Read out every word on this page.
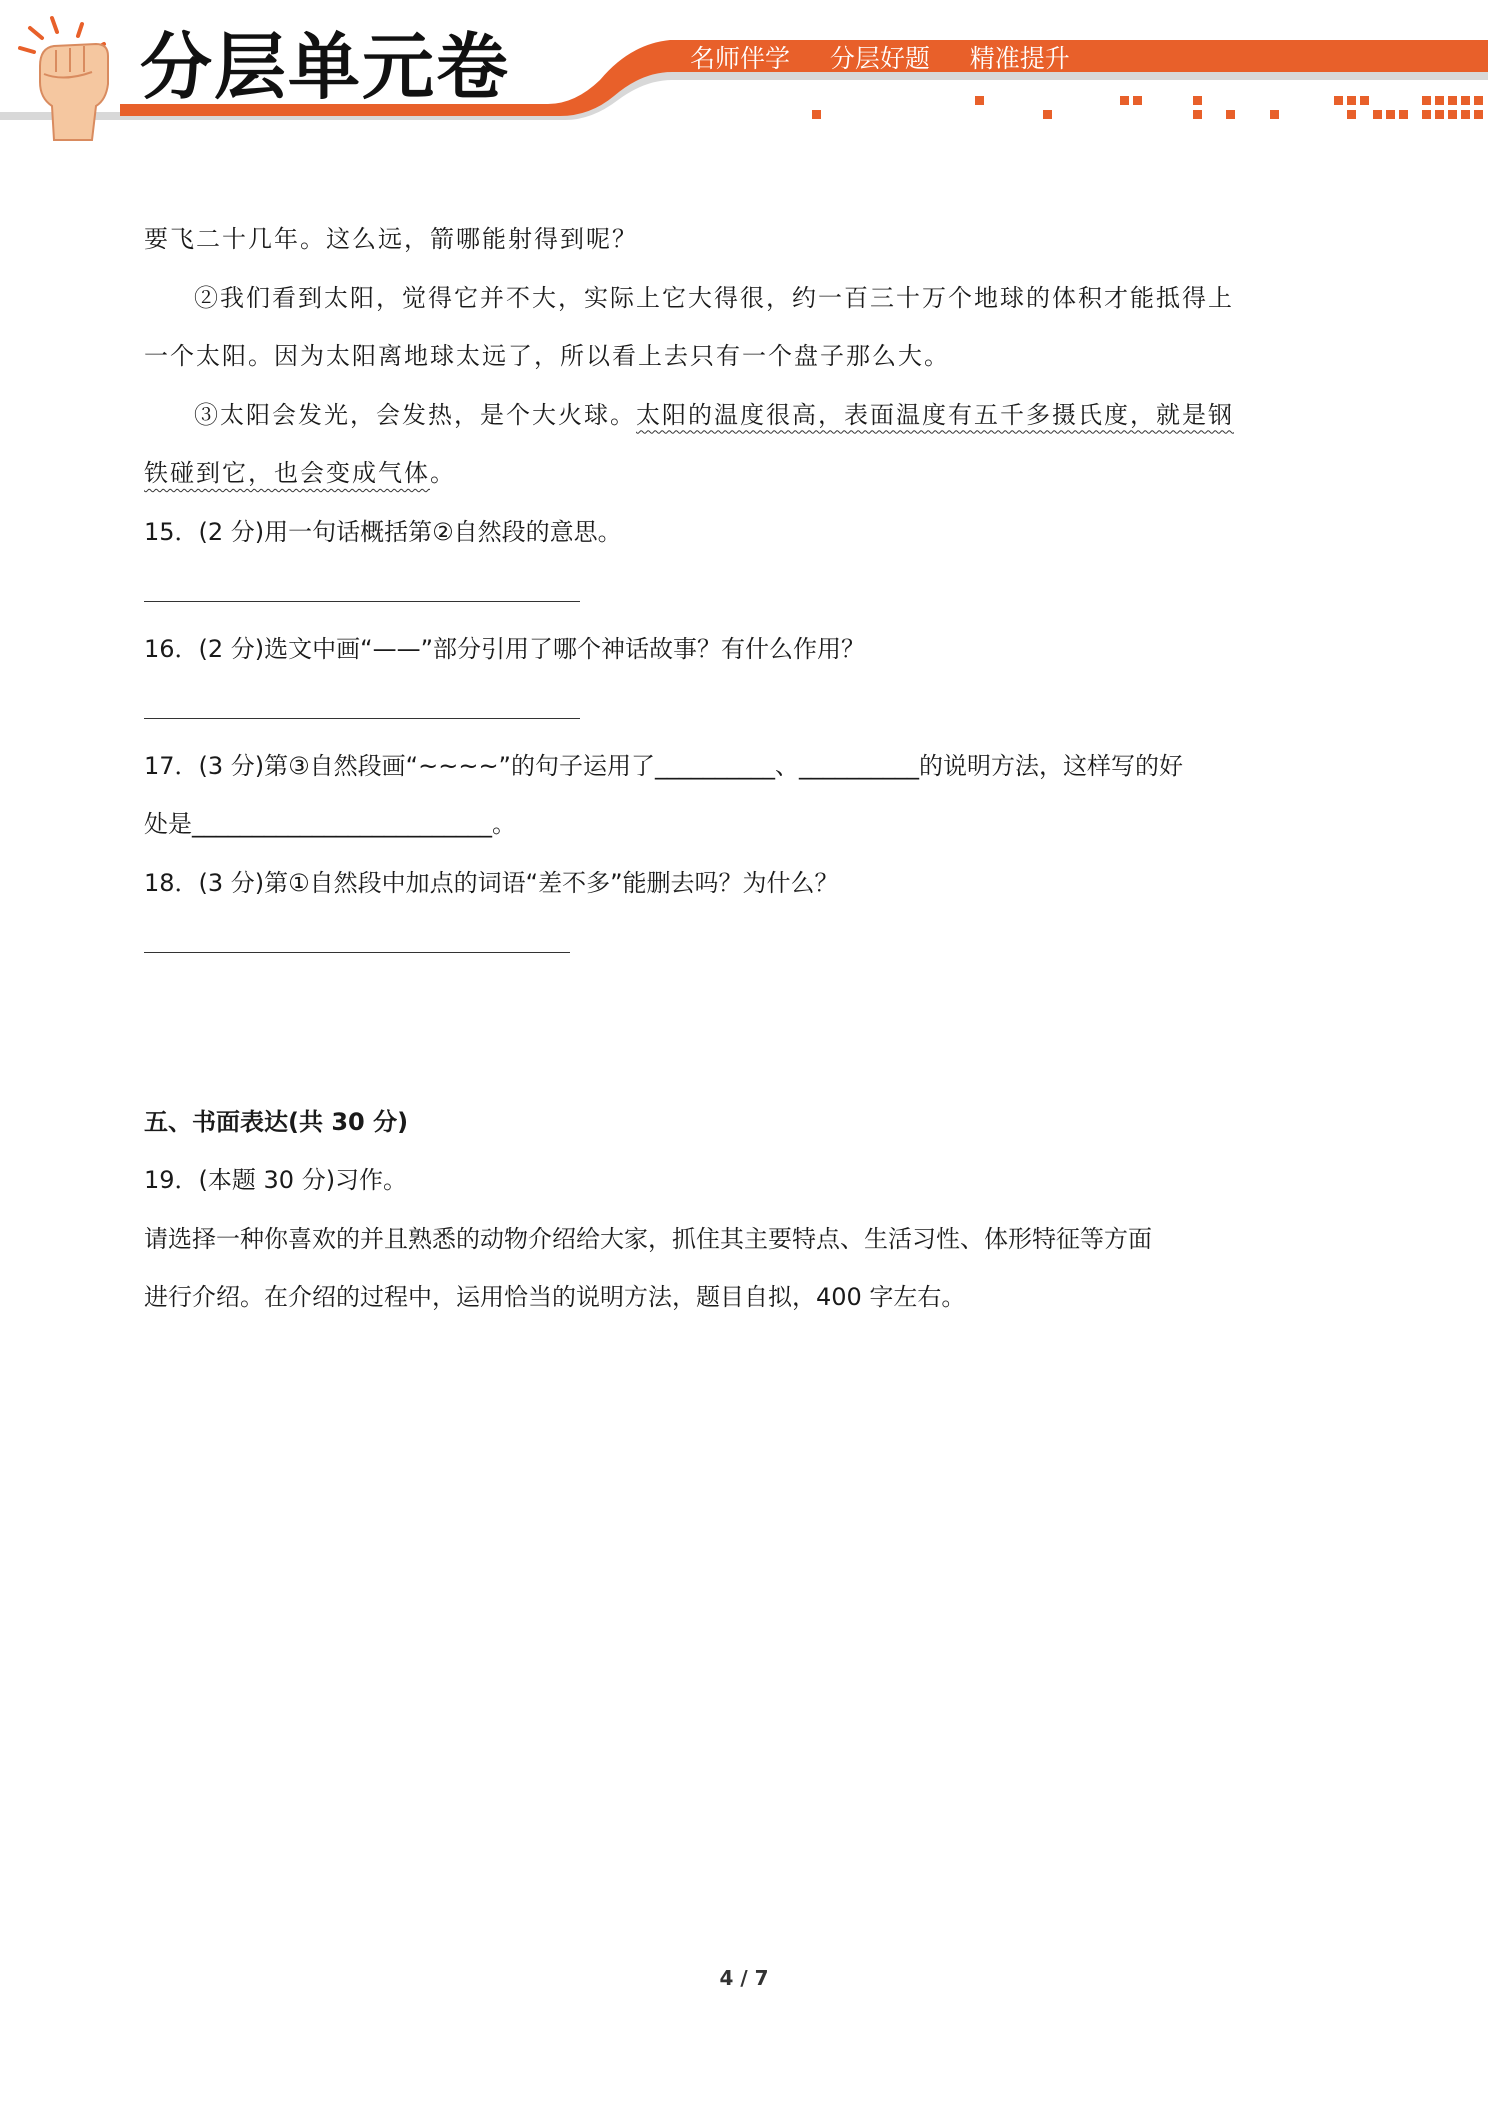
分层单元卷	名师伴学  分层好题  精准提升
要飞二十几年。这么远，箭哪能射得到呢？
②我们看到太阳，觉得它并不大，实际上它大得很，约一百三十万个地球的体积才能抵得上
一个太阳。因为太阳离地球太远了，所以看上去只有一个盘子那么大。
③太阳会发光，会发热，是个大火球。太阳的温度很高，表面温度有五千多摄氏度，就是钢
铁碰到它，也会变成气体。
15．(2 分)用一句话概括第②自然段的意思。
16．(2 分)选文中画“——”部分引用了哪个神话故事？有什么作用？
17．(3 分)第③自然段画“~~~~”的句子运用了__________、__________的说明方法，这样写的好
处是_________________________。
18．(3 分)第①自然段中加点的词语“差不多”能删去吗？为什么？
五、书面表达(共 30 分)
19．(本题 30 分)习作。
请选择一种你喜欢的并且熟悉的动物介绍给大家，抓住其主要特点、生活习性、体形特征等方面
进行介绍。在介绍的过程中，运用恰当的说明方法，题目自拟，400 字左右。
4 / 7
